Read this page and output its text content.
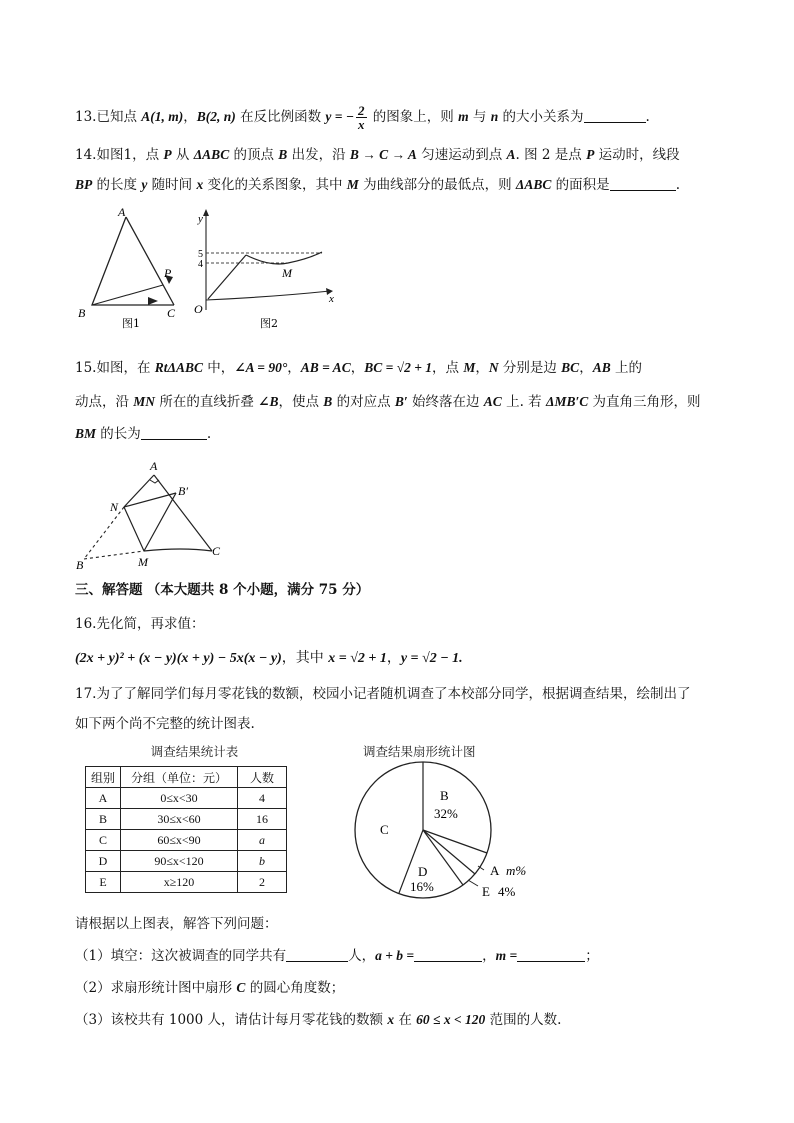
13.已知点 A(1, m)，B(2, n) 在反比例函数 y = − $\frac{2}{x}$ 的图象上，则 m 与 n 的大小关系为	.
14.如图1，点 P 从 ΔABC 的顶点 B 出发，沿 B → C → A 匀速运动到点 A. 图 2 是点 P 运动时，线段
BP 的长度 y 随时间 x 变化的关系图象，其中 M 为曲线部分的最低点，则 ΔABC 的面积是	.
A
B	C
P
图1
y
x
O
5
4
M
图2
15.如图，在 RtΔABC 中，∠A = 90°，AB = AC，BC = √2 + 1，点 M，N 分别是边 BC，AB 上的
动点，沿 MN 所在的直线折叠 ∠B，使点 B 的对应点 B′ 始终落在边 AC 上. 若 ΔMB′C 为直角三角形，则
BM 的长为	.
A
B′
N
M
B
C
三、解答题 （本大题共 8 个小题，满分 75 分）
16.先化简，再求值：
(2x + y)² + (x − y)(x + y) − 5x(x − y)，其中 x = √2 + 1，y = √2 − 1.
17.为了了解同学们每月零花钱的数额，校园小记者随机调查了本校部分同学，根据调查结果，绘制出了
如下两个尚不完整的统计图表.
调查结果统计表
组别	分组（单位：元）	人数
A	0≤x<30	4
B	30≤x<60	16
C	60≤x<90	a
D	90≤x<120	b
E	x≥120	2
调查结果扇形统计图
B
32%
C
D
16%
A m%
E 4%
请根据以上图表，解答下列问题：
（1）填空：这次被调查的同学共有	人，a + b =	，m =	；
（2）求扇形统计图中扇形 C 的圆心角度数；
（3）该校共有 1000 人，请估计每月零花钱的数额 x 在 60 ≤ x < 120 范围的人数.
